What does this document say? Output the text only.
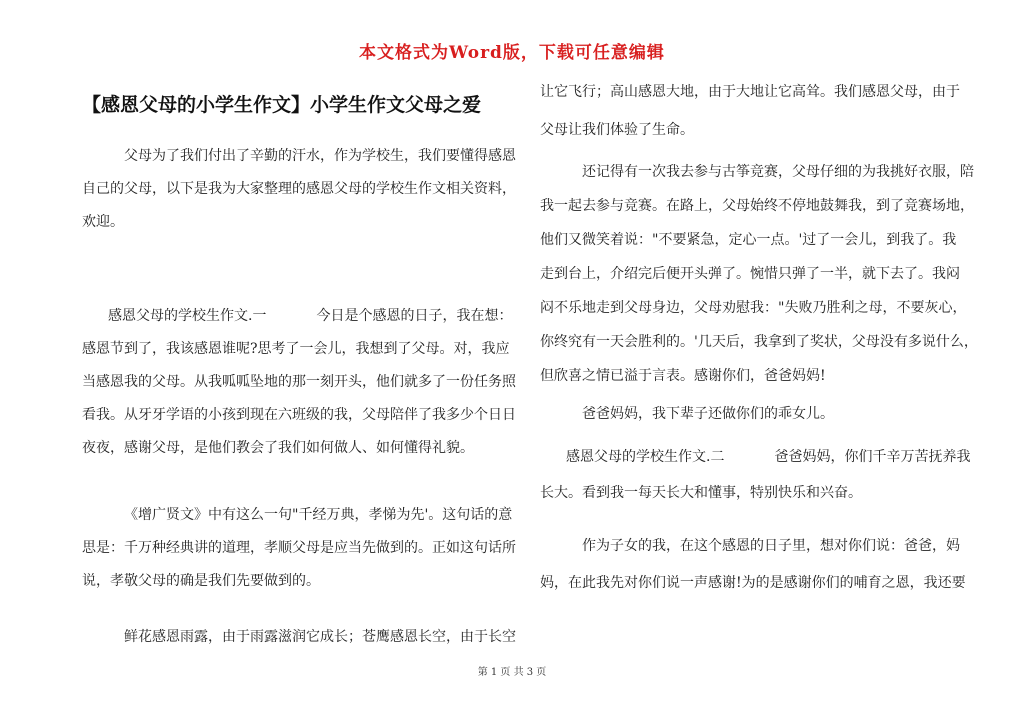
本文格式为Word版，下载可任意编辑
【感恩父母的小学生作文】小学生作文父母之爱

父母为了我们付出了辛勤的汗水，作为学校生，我们要懂得感恩

自己的父母，以下是我为大家整理的感恩父母的学校生作文相关资料，

欢迎。

感恩父母的学校生作文.一	今日是个感恩的日子，我在想：

感恩节到了，我该感恩谁呢?思考了一会儿，我想到了父母。对，我应

当感恩我的父母。从我呱呱坠地的那一刻开头，他们就多了一份任务照

看我。从牙牙学语的小孩到现在六班级的我，父母陪伴了我多少个日日

夜夜，感谢父母，是他们教会了我们如何做人、如何懂得礼貌。

《增广贤文》中有这么一句"千经万典，孝悌为先'。这句话的意

思是：千万种经典讲的道理，孝顺父母是应当先做到的。正如这句话所

说，孝敬父母的确是我们先要做到的。

鲜花感恩雨露，由于雨露滋润它成长；苍鹰感恩长空，由于长空

让它飞行；高山感恩大地，由于大地让它高耸。我们感恩父母，由于

父母让我们体验了生命。

还记得有一次我去参与古筝竞赛，父母仔细的为我挑好衣服，陪

我一起去参与竞赛。在路上，父母始终不停地鼓舞我，到了竞赛场地，

他们又微笑着说："不要紧急，定心一点。'过了一会儿，到我了。我

走到台上，介绍完后便开头弹了。惋惜只弹了一半，就下去了。我闷

闷不乐地走到父母身边，父母劝慰我："失败乃胜利之母，不要灰心，

你终究有一天会胜利的。'几天后，我拿到了奖状，父母没有多说什么，

但欣喜之情已溢于言表。感谢你们，爸爸妈妈!

爸爸妈妈，我下辈子还做你们的乖女儿。

感恩父母的学校生作文.二	爸爸妈妈，你们千辛万苦抚养我

长大。看到我一每天长大和懂事，特别快乐和兴奋。

作为子女的我，在这个感恩的日子里，想对你们说：爸爸，妈

妈，在此我先对你们说一声感谢!为的是感谢你们的哺育之恩，我还要

第 1 页 共 3 页
